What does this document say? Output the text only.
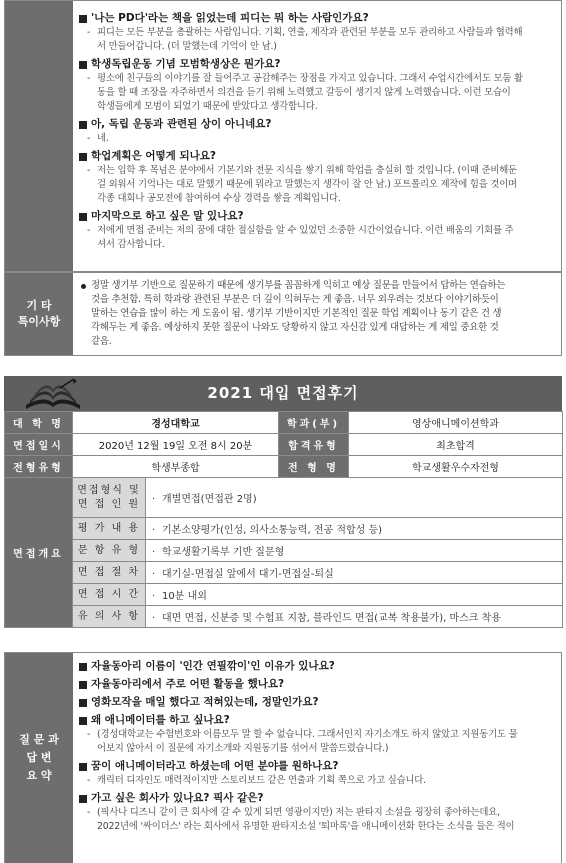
'나는 PD다'라는 책을 읽었는데 피디는 뭐 하는 사람인가요?
- 피디는 모든 부분을 총괄하는 사람입니다. 기획, 연출, 제작과 관련된 부분을 모두 관리하고 사람들과 협력해
서 만들어갑니다. (더 말했는데 기억이 안 남.)
학생독립운동 기념 모범학생상은 뭔가요?
- 평소에 친구들의 이야기를 잘 들어주고 공감해주는 장점을 가지고 있습니다. 그래서 수업시간에서도 모둠 활
동을 할 때 조장을 자주하면서 의견을 듣기 위해 노력했고 갈등이 생기지 않게 노력했습니다. 이런 모습이
학생들에게 모범이 되었기 때문에 받았다고 생각합니다.
아, 독립 운동과 관련된 상이 아니네요?
- 네.
학업계획은 어떻게 되나요?
- 저는 입학 후 목넘은 분야에서 기본기와 전문 지식을 쌓기 위해 학업을 충실히 할 것입니다. (이때 준비해둔
걸 외워서 기억나는 대로 말했기 때문에 뭐라고 말했는지 생각이 잘 안 남.) 포트폴리오 제작에 힘을 것이며
각종 대회나 공모전에 참여하여 수상 경력을 쌓을 계획입니다.
마지막으로 하고 싶은 말 있나요?
- 저에게 면접 준비는 저의 꿈에 대한 절실함을 알 수 있었던 소중한 시간이었습니다. 이런 배움의 기회를 주
셔서 감사합니다.
기 타
특이사항
정말 생기부 기반으로 질문하기 때문에 생기부를 꼼꼼하게 익히고 예상 질문을 만들어서 답하는 연습하는
것을 추천함. 특히 학과랑 관련된 부분은 더 깊이 익혀두는 게 좋음. 너무 외우려는 것보다 이야기하듯이
말하는 연습을 많이 하는 게 도움이 됨. 생기부 기반이지만 기본적인 질문 학업 계획이나 동기 같은 건 생
각해두는 게 좋음. 예상하지 못한 질문이 나와도 당황하지 않고 자신감 있게 대답하는 게 제일 중요한 것
같음.
2021 대입 면접후기
대 학 명	경성대학교		학과(부)	영상애니메이션학과
면접일시	2020년 12월 19일 오전 8시 20분		합격유형	최초합격
전형유형	학생부종합		전 형 명	학교생활우수자전형
면접개요	면접형식 및
면 접 인 원	· 개별면접(면접관 2명)		
	평 가 내 용	· 기본소양평가(인성, 의사소통능력, 전공 적합성 등)		
	문 항 유 형	· 학교생활기록부 기반 질문형		
	면 접 절 차	· 대기실-면접실 앞에서 대기-면접실-퇴실		
	면 접 시 간	· 10분 내외		
	유 의 사 항	· 대면 면접, 신분증 및 수험표 지참, 블라인드 면접(교복 착용불가), 마스크 착용		
질 문 과
답 변
요 약
자율동아리 이름이 '인간 연필깎이'인 이유가 있나요?
자율동아리에서 주로 어떤 활동을 했나요?
영화모작을 매일 했다고 적혀있는데, 정말인가요?
왜 애니메이터를 하고 싶나요?
- (경성대학교는 수험번호와 이름모두 말 할 수 없습니다. 그래서인지 자기소개도 하지 않았고 지원동기도 물
어보지 않아서 이 질문에 자기소개와 지원동기를 섞어서 말씀드렸습니다.)
꿈이 애니메이터라고 하셨는데 어떤 분야를 원하나요?
- 캐릭터 디자인도 매력적이지만 스토리보드 같은 연출과 기획 쪽으로 가고 싶습니다.
가고 싶은 회사가 있나요? 픽사 같은?
- (픽사나 디즈니 같이 큰 회사에 갈 수 있게 되면 영광이지만) 저는 판타지 소설을 굉장히 좋아하는데요,
2022년에 '싸이더스' 라는 회사에서 유명한 판타지소설 '퇴마록'을 애니메이션화 한다는 소식을 들은 적이
